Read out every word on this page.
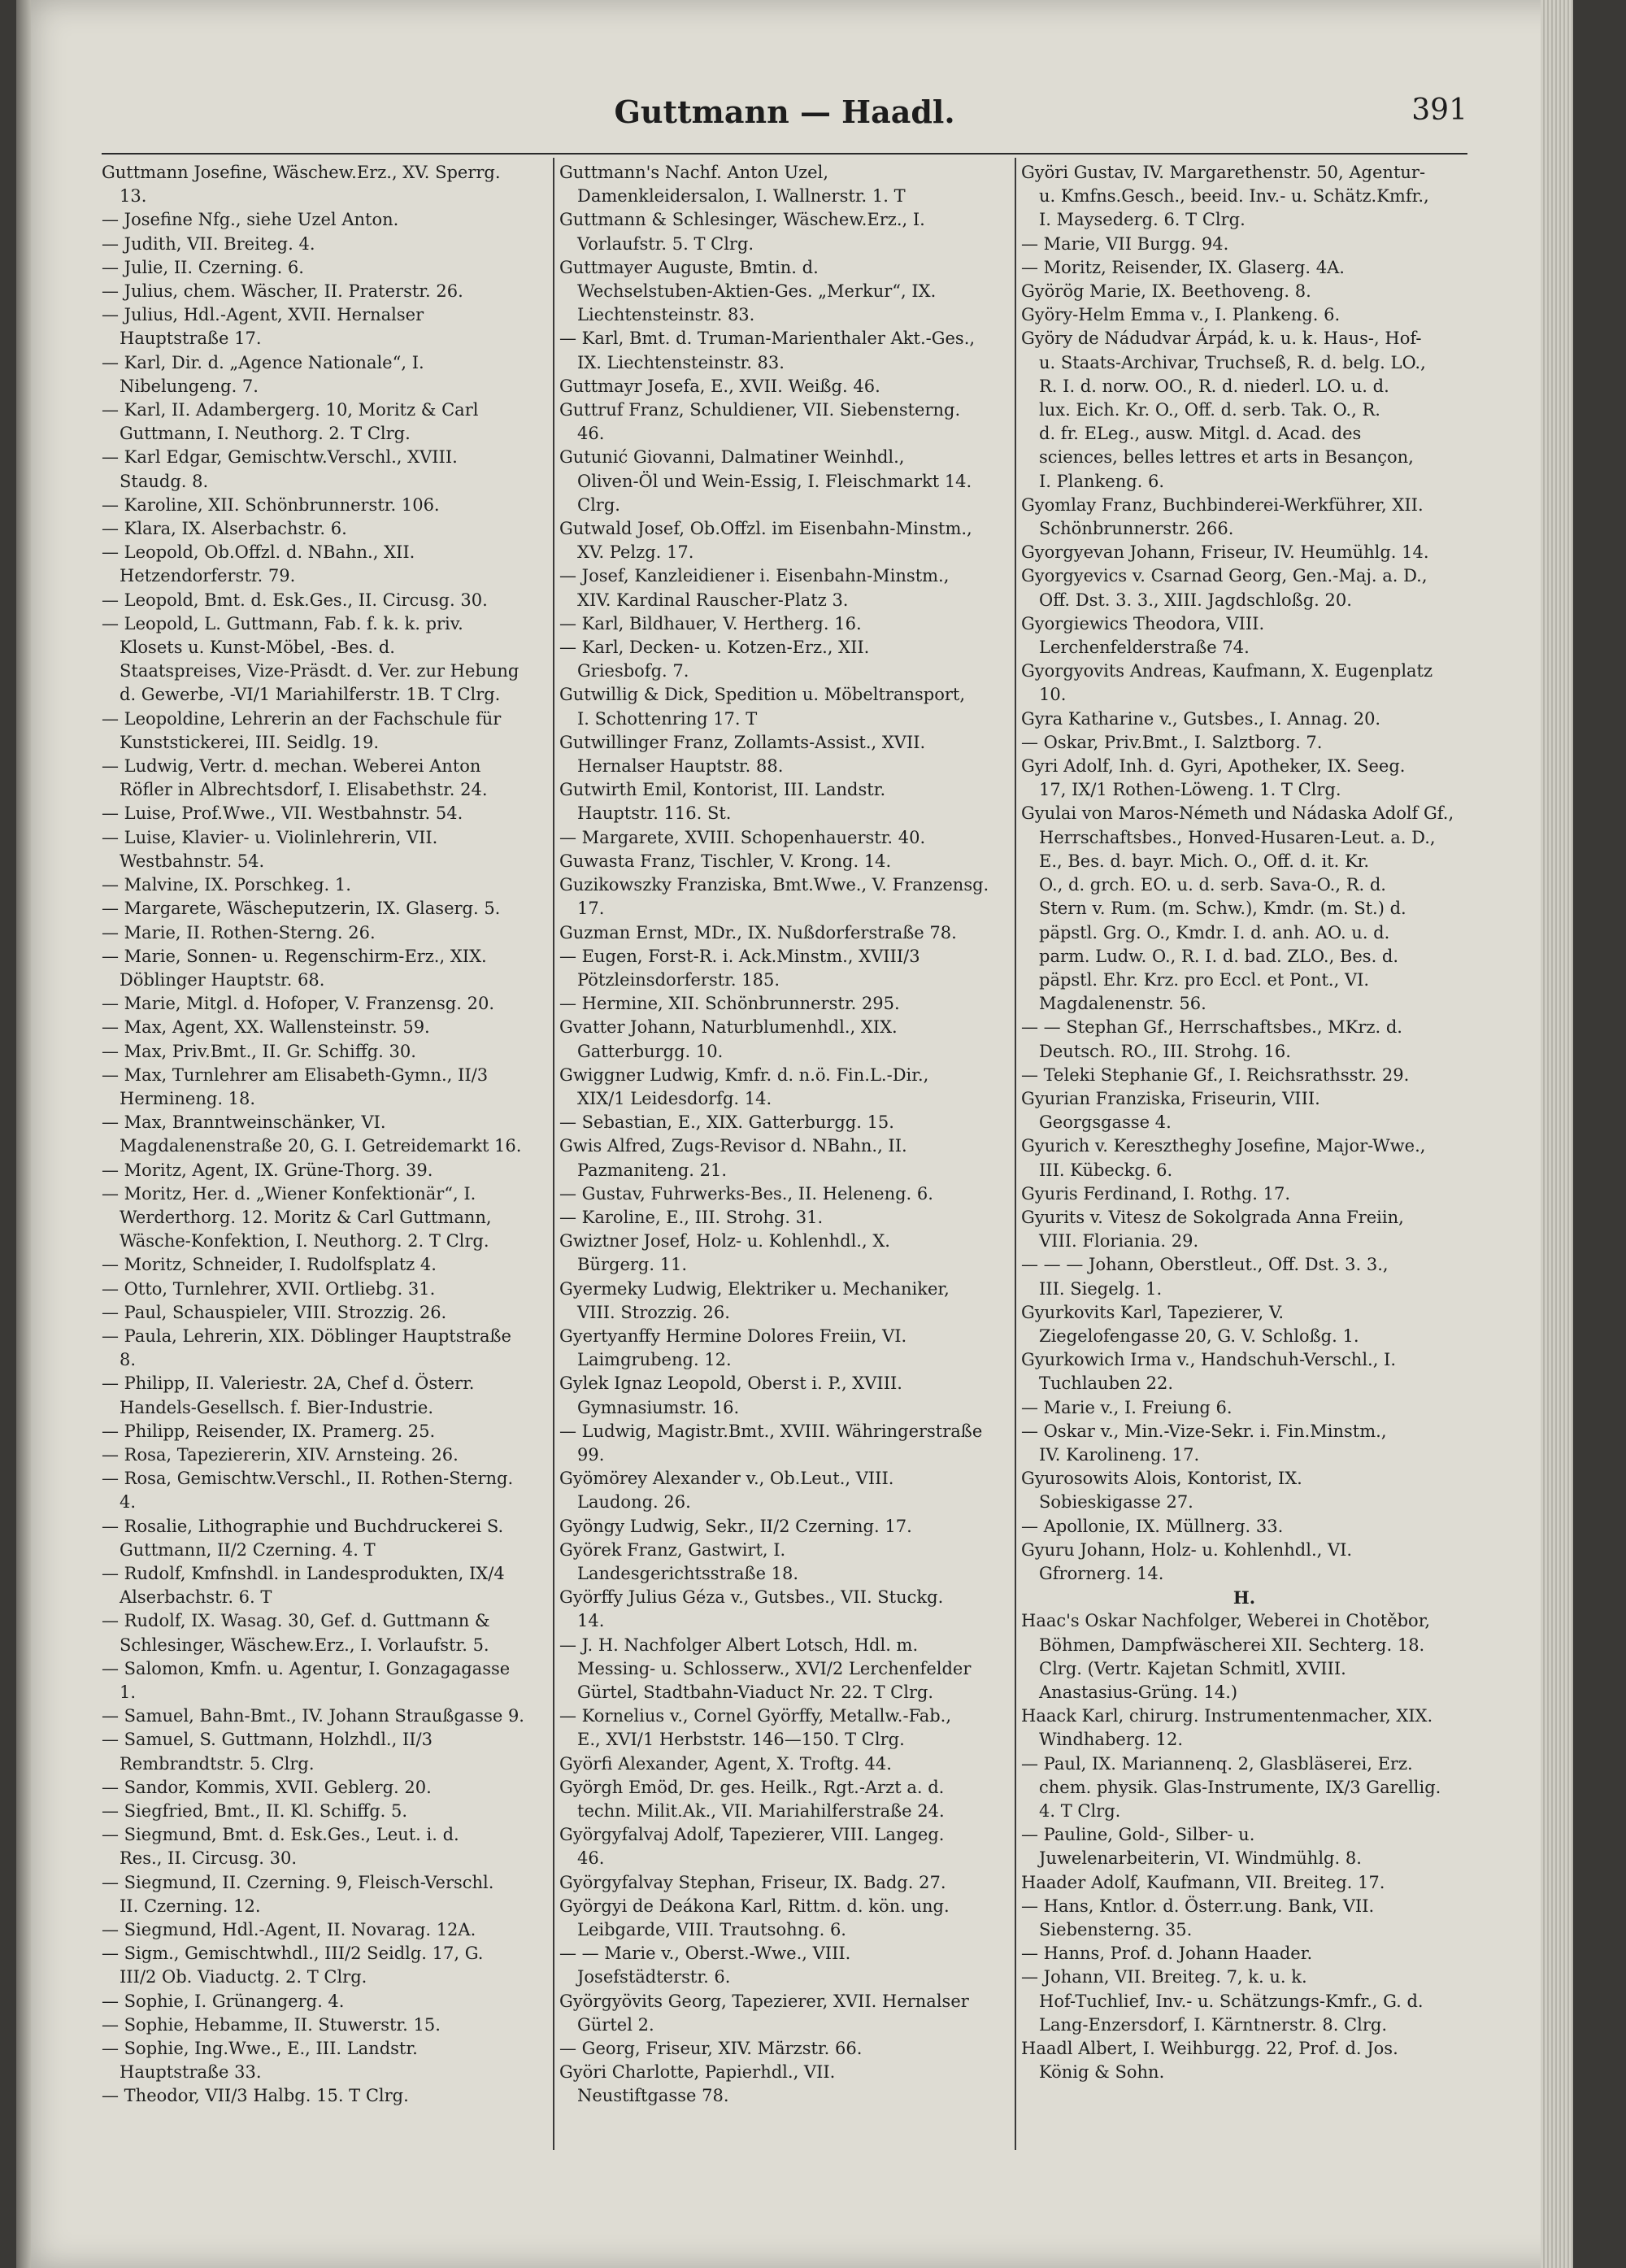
Guttmann — Haadl.	391
Guttmann Josefine, Wäschew.Erz., XV. Sperrg.
13.
— Josefine Nfg., siehe Uzel Anton.
— Judith, VII. Breiteg. 4.
— Julie, II. Czerning. 6.
— Julius, chem. Wäscher, II. Praterstr. 26.
— Julius, Hdl.-Agent, XVII. Hernalser
Hauptstraße 17.
— Karl, Dir. d. „Agence Nationale“, I.
Nibelungeng. 7.
— Karl, II. Adambergerg. 10, Moritz & Carl
Guttmann, I. Neuthorg. 2. T Clrg.
— Karl Edgar, Gemischtw.Verschl., XVIII.
Staudg. 8.
— Karoline, XII. Schönbrunnerstr. 106.
— Klara, IX. Alserbachstr. 6.
— Leopold, Ob.Offzl. d. NBahn., XII.
Hetzendorferstr. 79.
— Leopold, Bmt. d. Esk.Ges., II. Circusg. 30.
— Leopold, L. Guttmann, Fab. f. k. k. priv.
Klosets u. Kunst-Möbel, -Bes. d.
Staatspreises, Vize-Präsdt. d. Ver. zur Hebung
d. Gewerbe, -VI/1 Mariahilferstr. 1B. T Clrg.
— Leopoldine, Lehrerin an der Fachschule für
Kunststickerei, III. Seidlg. 19.
— Ludwig, Vertr. d. mechan. Weberei Anton
Röfler in Albrechtsdorf, I. Elisabethstr. 24.
— Luise, Prof.Wwe., VII. Westbahnstr. 54.
— Luise, Klavier- u. Violinlehrerin, VII.
Westbahnstr. 54.
— Malvine, IX. Porschkeg. 1.
— Margarete, Wäscheputzerin, IX. Glaserg. 5.
— Marie, II. Rothen-Sterng. 26.
— Marie, Sonnen- u. Regenschirm-Erz., XIX.
Döblinger Hauptstr. 68.
— Marie, Mitgl. d. Hofoper, V. Franzensg. 20.
— Max, Agent, XX. Wallensteinstr. 59.
— Max, Priv.Bmt., II. Gr. Schiffg. 30.
— Max, Turnlehrer am Elisabeth-Gymn., II/3
Hermineng. 18.
— Max, Branntweinschänker, VI.
Magdalenenstraße 20, G. I. Getreidemarkt 16.
— Moritz, Agent, IX. Grüne-Thorg. 39.
— Moritz, Her. d. „Wiener Konfektionär“, I.
Werderthorg. 12. Moritz & Carl Guttmann,
Wäsche-Konfektion, I. Neuthorg. 2. T Clrg.
— Moritz, Schneider, I. Rudolfsplatz 4.
— Otto, Turnlehrer, XVII. Ortliebg. 31.
— Paul, Schauspieler, VIII. Strozzig. 26.
— Paula, Lehrerin, XIX. Döblinger Hauptstraße
8.
— Philipp, II. Valeriestr. 2A, Chef d. Österr.
Handels-Gesellsch. f. Bier-Industrie.
— Philipp, Reisender, IX. Pramerg. 25.
— Rosa, Tapeziererin, XIV. Arnsteing. 26.
— Rosa, Gemischtw.Verschl., II. Rothen-Sterng.
4.
— Rosalie, Lithographie und Buchdruckerei S.
Guttmann, II/2 Czerning. 4. T
— Rudolf, Kmfnshdl. in Landesprodukten, IX/4
Alserbachstr. 6. T
— Rudolf, IX. Wasag. 30, Gef. d. Guttmann &
Schlesinger, Wäschew.Erz., I. Vorlaufstr. 5.
— Salomon, Kmfn. u. Agentur, I. Gonzagagasse
1.
— Samuel, Bahn-Bmt., IV. Johann Straußgasse 9.
— Samuel, S. Guttmann, Holzhdl., II/3
Rembrandtstr. 5. Clrg.
— Sandor, Kommis, XVII. Geblerg. 20.
— Siegfried, Bmt., II. Kl. Schiffg. 5.
— Siegmund, Bmt. d. Esk.Ges., Leut. i. d.
Res., II. Circusg. 30.
— Siegmund, II. Czerning. 9, Fleisch-Verschl.
II. Czerning. 12.
— Siegmund, Hdl.-Agent, II. Novarag. 12A.
— Sigm., Gemischtwhdl., III/2 Seidlg. 17, G.
III/2 Ob. Viaductg. 2. T Clrg.
— Sophie, I. Grünangerg. 4.
— Sophie, Hebamme, II. Stuwerstr. 15.
— Sophie, Ing.Wwe., E., III. Landstr.
Hauptstraße 33.
— Theodor, VII/3 Halbg. 15. T Clrg.
Guttmann's Nachf. Anton Uzel,
Damenkleidersalon, I. Wallnerstr. 1. T
Guttmann & Schlesinger, Wäschew.Erz., I.
Vorlaufstr. 5. T Clrg.
Guttmayer Auguste, Bmtin. d.
Wechselstuben-Aktien-Ges. „Merkur“, IX.
Liechtensteinstr. 83.
— Karl, Bmt. d. Truman-Marienthaler Akt.-Ges.,
IX. Liechtensteinstr. 83.
Guttmayr Josefa, E., XVII. Weißg. 46.
Guttruf Franz, Schuldiener, VII. Siebensterng.
46.
Gutunić Giovanni, Dalmatiner Weinhdl.,
Oliven-Öl und Wein-Essig, I. Fleischmarkt 14.
Clrg.
Gutwald Josef, Ob.Offzl. im Eisenbahn-Minstm.,
XV. Pelzg. 17.
— Josef, Kanzleidiener i. Eisenbahn-Minstm.,
XIV. Kardinal Rauscher-Platz 3.
— Karl, Bildhauer, V. Hertherg. 16.
— Karl, Decken- u. Kotzen-Erz., XII.
Griesbofg. 7.
Gutwillig & Dick, Spedition u. Möbeltransport,
I. Schottenring 17. T
Gutwillinger Franz, Zollamts-Assist., XVII.
Hernalser Hauptstr. 88.
Gutwirth Emil, Kontorist, III. Landstr.
Hauptstr. 116. St.
— Margarete, XVIII. Schopenhauerstr. 40.
Guwasta Franz, Tischler, V. Krong. 14.
Guzikowszky Franziska, Bmt.Wwe., V. Franzensg.
17.
Guzman Ernst, MDr., IX. Nußdorferstraße 78.
— Eugen, Forst-R. i. Ack.Minstm., XVIII/3
Pötzleinsdorferstr. 185.
— Hermine, XII. Schönbrunnerstr. 295.
Gvatter Johann, Naturblumenhdl., XIX.
Gatterburgg. 10.
Gwiggner Ludwig, Kmfr. d. n.ö. Fin.L.-Dir.,
XIX/1 Leidesdorfg. 14.
— Sebastian, E., XIX. Gatterburgg. 15.
Gwis Alfred, Zugs-Revisor d. NBahn., II.
Pazmaniteng. 21.
— Gustav, Fuhrwerks-Bes., II. Heleneng. 6.
— Karoline, E., III. Strohg. 31.
Gwiztner Josef, Holz- u. Kohlenhdl., X.
Bürgerg. 11.
Gyermeky Ludwig, Elektriker u. Mechaniker,
VIII. Strozzig. 26.
Gyertyanffy Hermine Dolores Freiin, VI.
Laimgrubeng. 12.
Gylek Ignaz Leopold, Oberst i. P., XVIII.
Gymnasiumstr. 16.
— Ludwig, Magistr.Bmt., XVIII. Währingerstraße
99.
Gyömörey Alexander v., Ob.Leut., VIII.
Laudong. 26.
Gyöngy Ludwig, Sekr., II/2 Czerning. 17.
Györek Franz, Gastwirt, I.
Landesgerichtsstraße 18.
Györffy Julius Géza v., Gutsbes., VII. Stuckg.
14.
— J. H. Nachfolger Albert Lotsch, Hdl. m.
Messing- u. Schlosserw., XVI/2 Lerchenfelder
Gürtel, Stadtbahn-Viaduct Nr. 22. T Clrg.
— Kornelius v., Cornel Györffy, Metallw.-Fab.,
E., XVI/1 Herbststr. 146—150. T Clrg.
Györfi Alexander, Agent, X. Troftg. 44.
Györgh Emöd, Dr. ges. Heilk., Rgt.-Arzt a. d.
techn. Milit.Ak., VII. Mariahilferstraße 24.
Györgyfalvaj Adolf, Tapezierer, VIII. Langeg.
46.
Györgyfalvay Stephan, Friseur, IX. Badg. 27.
Györgyi de Deákona Karl, Rittm. d. kön. ung.
Leibgarde, VIII. Trautsohng. 6.
— — Marie v., Oberst.-Wwe., VIII.
Josefstädterstr. 6.
Györgyövits Georg, Tapezierer, XVII. Hernalser
Gürtel 2.
— Georg, Friseur, XIV. Märzstr. 66.
Györi Charlotte, Papierhdl., VII.
Neustiftgasse 78.
Györi Gustav, IV. Margarethenstr. 50, Agentur-
u. Kmfns.Gesch., beeid. Inv.- u. Schätz.Kmfr.,
I. Maysederg. 6. T Clrg.
— Marie, VII Burgg. 94.
— Moritz, Reisender, IX. Glaserg. 4A.
Györög Marie, IX. Beethoveng. 8.
Györy-Helm Emma v., I. Plankeng. 6.
Györy de Nádudvar Árpád, k. u. k. Haus-, Hof-
u. Staats-Archivar, Truchseß, R. d. belg. LO.,
R. I. d. norw. OO., R. d. niederl. LO. u. d.
lux. Eich. Kr. O., Off. d. serb. Tak. O., R.
d. fr. ELeg., ausw. Mitgl. d. Acad. des
sciences, belles lettres et arts in Besançon,
I. Plankeng. 6.
Gyomlay Franz, Buchbinderei-Werkführer, XII.
Schönbrunnerstr. 266.
Gyorgyevan Johann, Friseur, IV. Heumühlg. 14.
Gyorgyevics v. Csarnad Georg, Gen.-Maj. a. D.,
Off. Dst. 3. 3., XIII. Jagdschloßg. 20.
Gyorgiewics Theodora, VIII.
Lerchenfelderstraße 74.
Gyorgyovits Andreas, Kaufmann, X. Eugenplatz
10.
Gyra Katharine v., Gutsbes., I. Annag. 20.
— Oskar, Priv.Bmt., I. Salztborg. 7.
Gyri Adolf, Inh. d. Gyri, Apotheker, IX. Seeg.
17, IX/1 Rothen-Löweng. 1. T Clrg.
Gyulai von Maros-Németh und Nádaska Adolf Gf.,
Herrschaftsbes., Honved-Husaren-Leut. a. D.,
E., Bes. d. bayr. Mich. O., Off. d. it. Kr.
O., d. grch. EO. u. d. serb. Sava-O., R. d.
Stern v. Rum. (m. Schw.), Kmdr. (m. St.) d.
päpstl. Grg. O., Kmdr. I. d. anh. AO. u. d.
parm. Ludw. O., R. I. d. bad. ZLO., Bes. d.
päpstl. Ehr. Krz. pro Eccl. et Pont., VI.
Magdalenenstr. 56.
— — Stephan Gf., Herrschaftsbes., MKrz. d.
Deutsch. RO., III. Strohg. 16.
— Teleki Stephanie Gf., I. Reichsrathsstr. 29.
Gyurian Franziska, Friseurin, VIII.
Georgsgasse 4.
Gyurich v. Keresztheghy Josefine, Major-Wwe.,
III. Kübeckg. 6.
Gyuris Ferdinand, I. Rothg. 17.
Gyurits v. Vitesz de Sokolgrada Anna Freiin,
VIII. Floriania. 29.
— — — Johann, Oberstleut., Off. Dst. 3. 3.,
III. Siegelg. 1.
Gyurkovits Karl, Tapezierer, V.
Ziegelofengasse 20, G. V. Schloßg. 1.
Gyurkowich Irma v., Handschuh-Verschl., I.
Tuchlauben 22.
— Marie v., I. Freiung 6.
— Oskar v., Min.-Vize-Sekr. i. Fin.Minstm.,
IV. Karolineng. 17.
Gyurosowits Alois, Kontorist, IX.
Sobieskigasse 27.
— Apollonie, IX. Müllnerg. 33.
Gyuru Johann, Holz- u. Kohlenhdl., VI.
Gfrornerg. 14.
H.
Haac's Oskar Nachfolger, Weberei in Chotěbor,
Böhmen, Dampfwäscherei XII. Sechterg. 18.
Clrg. (Vertr. Kajetan Schmitl, XVIII.
Anastasius-Grüng. 14.)
Haack Karl, chirurg. Instrumentenmacher, XIX.
Windhaberg. 12.
— Paul, IX. Mariannenq. 2, Glasbläserei, Erz.
chem. physik. Glas-Instrumente, IX/3 Garellig.
4. T Clrg.
— Pauline, Gold-, Silber- u.
Juwelenarbeiterin, VI. Windmühlg. 8.
Haader Adolf, Kaufmann, VII. Breiteg. 17.
— Hans, Kntlor. d. Österr.ung. Bank, VII.
Siebensterng. 35.
— Hanns, Prof. d. Johann Haader.
— Johann, VII. Breiteg. 7, k. u. k.
Hof-Tuchlief, Inv.- u. Schätzungs-Kmfr., G. d.
Lang-Enzersdorf, I. Kärntnerstr. 8. Clrg.
Haadl Albert, I. Weihburgg. 22, Prof. d. Jos.
König & Sohn.
